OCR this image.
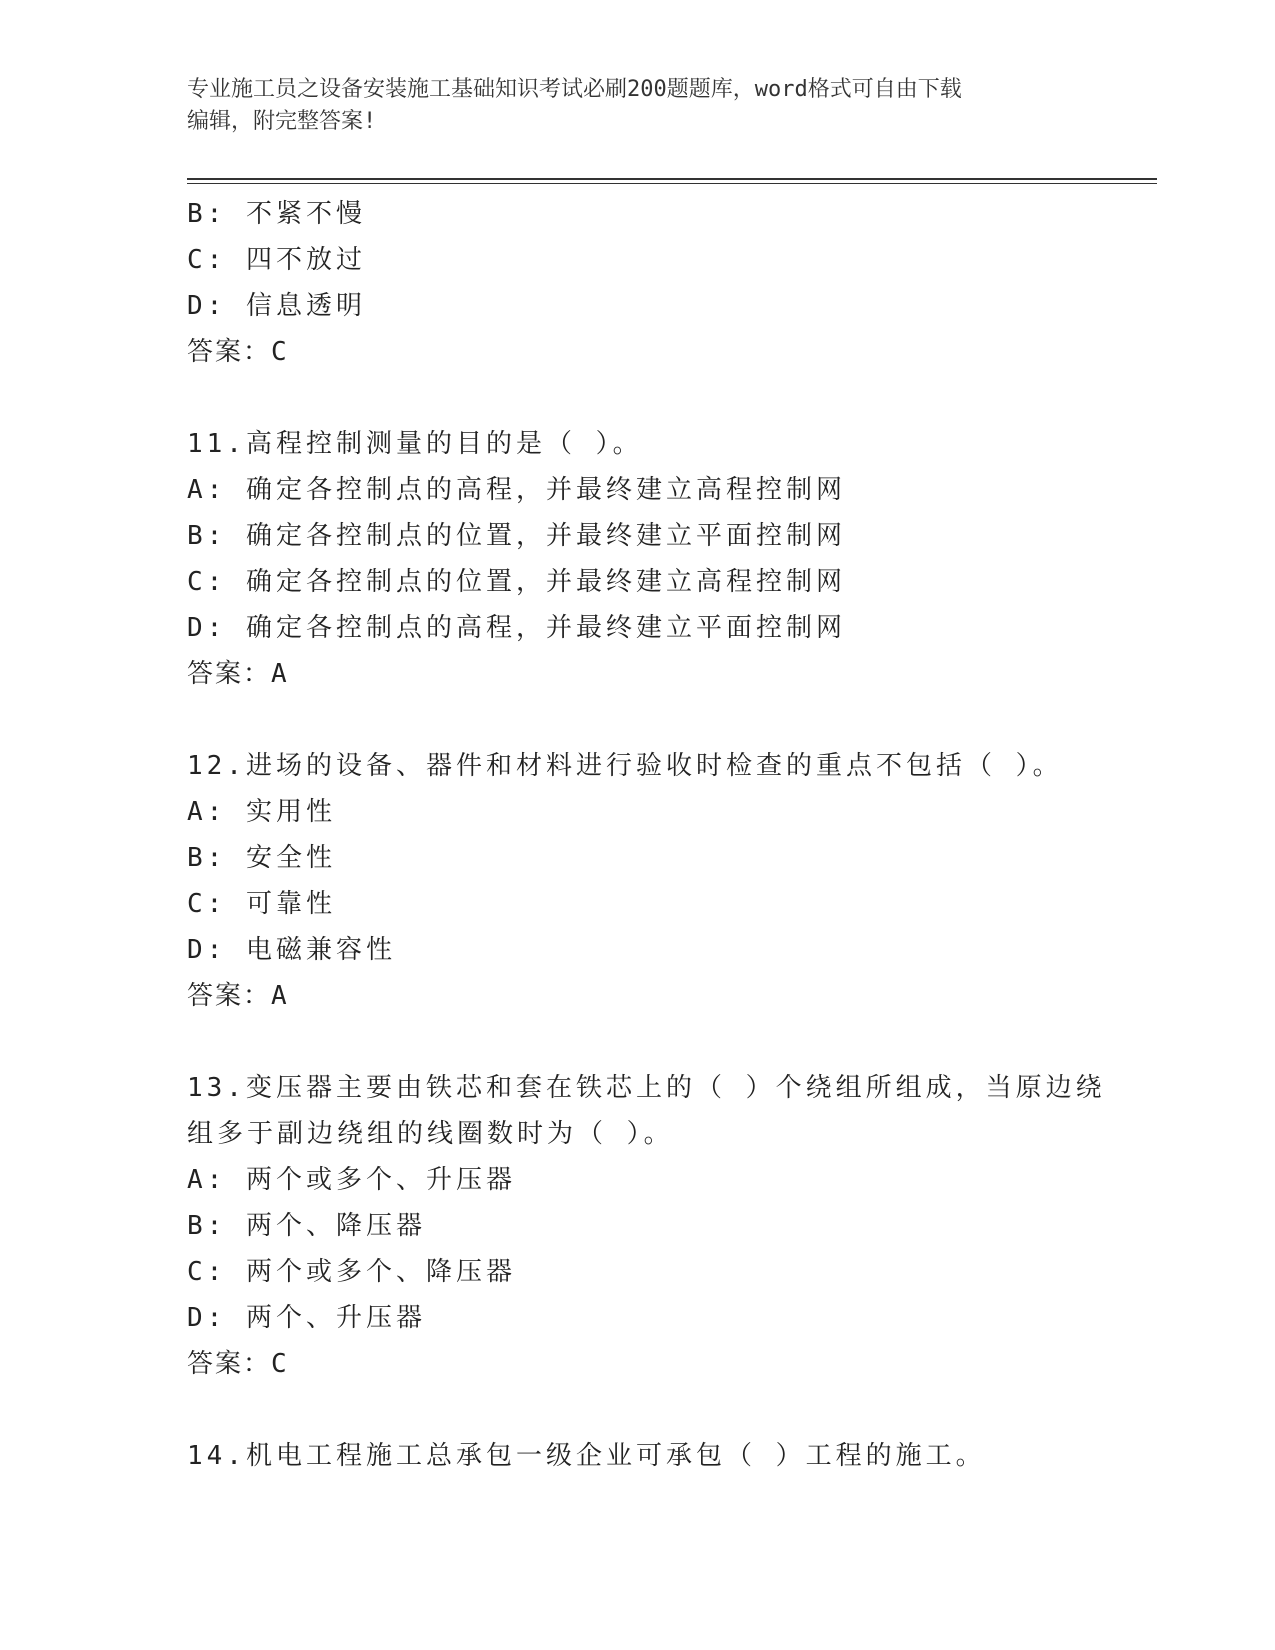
专业施工员之设备安装施工基础知识考试必刷200题题库，word格式可自由下载
编辑，附完整答案!
B: 不紧不慢
C: 四不放过
D: 信息透明
答案：C
11.高程控制测量的目的是（ ）。
A: 确定各控制点的高程，并最终建立高程控制网
B: 确定各控制点的位置，并最终建立平面控制网
C: 确定各控制点的位置，并最终建立高程控制网
D: 确定各控制点的高程，并最终建立平面控制网
答案：A
12.进场的设备、器件和材料进行验收时检查的重点不包括（ ）。
A: 实用性
B: 安全性
C: 可靠性
D: 电磁兼容性
答案：A
13.变压器主要由铁芯和套在铁芯上的（ ）个绕组所组成，当原边绕
组多于副边绕组的线圈数时为（ ）。
A: 两个或多个、升压器
B: 两个、降压器
C: 两个或多个、降压器
D: 两个、升压器
答案：C
14.机电工程施工总承包一级企业可承包（ ）工程的施工。
